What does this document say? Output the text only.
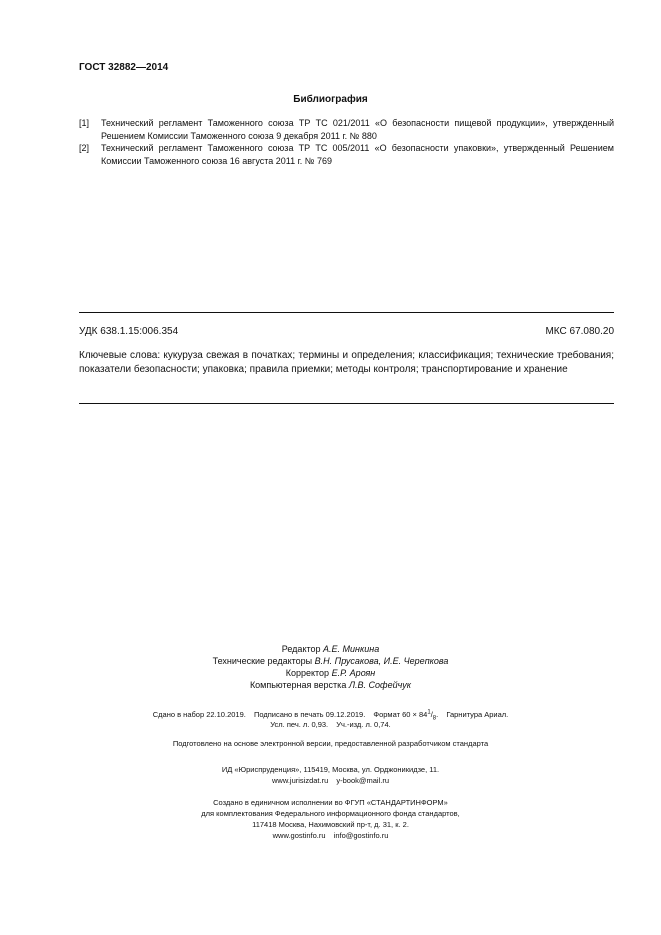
ГОСТ 32882—2014
Библиография
[1] Технический регламент Таможенного союза ТР ТС 021/2011 «О безопасности пищевой продукции», утвержденный Решением Комиссии Таможенного союза 9 декабря 2011 г. № 880
[2] Технический регламент Таможенного союза ТР ТС 005/2011 «О безопасности упаковки», утвержденный Решением Комиссии Таможенного союза 16 августа 2011 г. № 769
УДК 638.1.15:006.354	МКС 67.080.20
Ключевые слова: кукуруза свежая в початках; термины и определения; классификация; технические требования; показатели безопасности; упаковка; правила приемки; методы контроля; транспортирование и хранение
Редактор А.Е. Минкина
Технические редакторы В.Н. Прусакова, И.Е. Черепкова
Корректор Е.Р. Ароян
Компьютерная верстка Л.В. Софейчук
Сдано в набор 22.10.2019. Подписано в печать 09.12.2019. Формат $60 \times 84^1/_8$. Гарнитура Ариал.
Усл. печ. л. 0,93. Уч.-изд. л. 0,74.
Подготовлено на основе электронной версии, предоставленной разработчиком стандарта
ИД «Юриспруденция», 115419, Москва, ул. Орджоникидзе, 11.
www.jurisizdat.ru y-book@mail.ru
Создано в единичном исполнении во ФГУП «СТАНДАРТИНФОРМ»
для комплектования Федерального информационного фонда стандартов,
117418 Москва, Нахимовский пр-т, д. 31, к. 2.
www.gostinfo.ru info@gostinfo.ru
